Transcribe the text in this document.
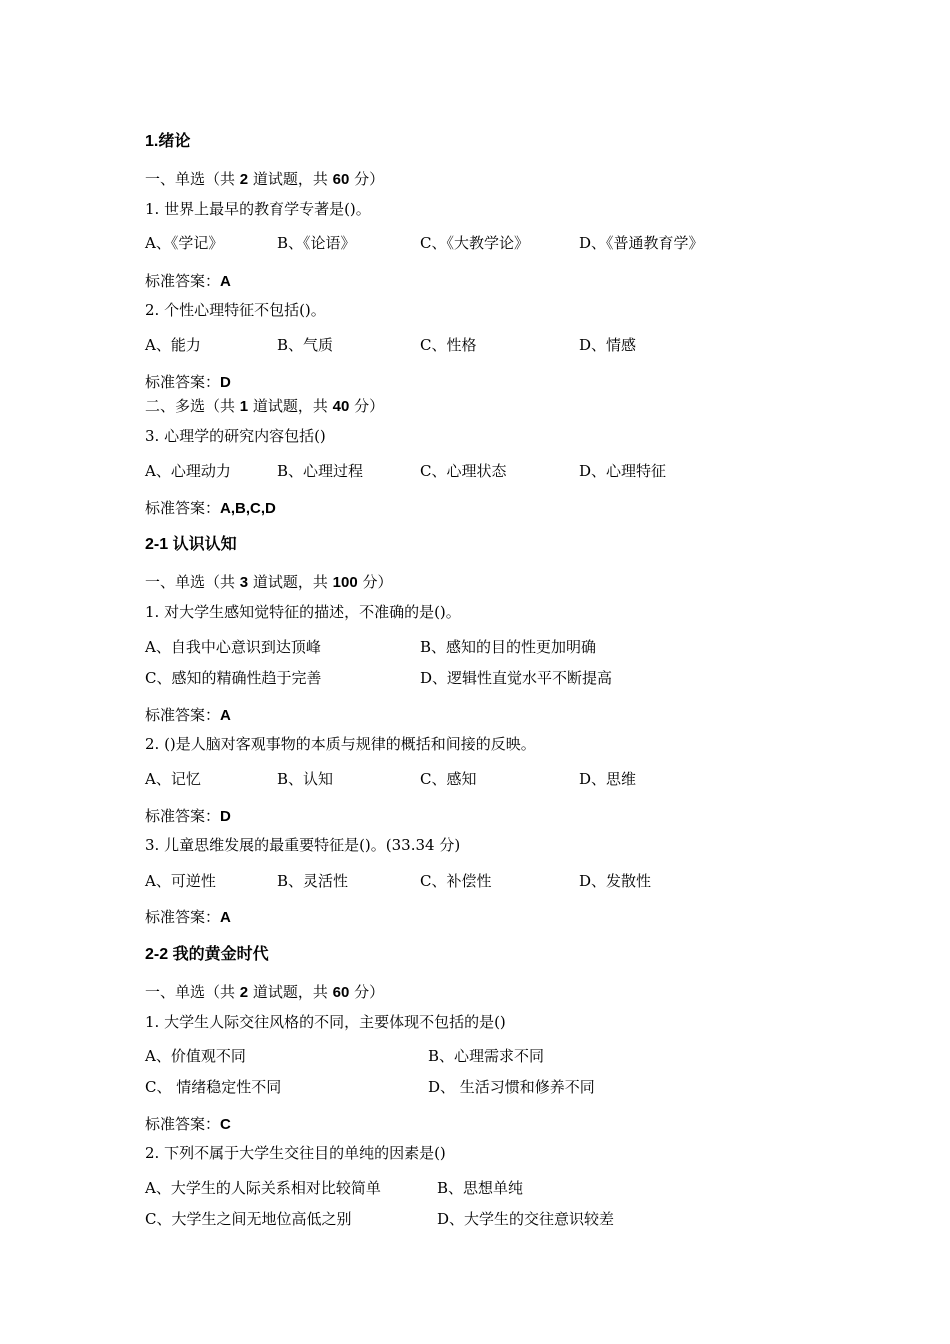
1.绪论
一、单选（共 2 道试题，共 60 分）
1. 世界上最早的教育学专著是()。
A、《学记》	B、《论语》	C、《大教学论》	D、《普通教育学》
标准答案：A
2. 个性心理特征不包括()。
A、能力	B、气质	C、性格	D、情感
标准答案：D
二、多选（共 1 道试题，共 40 分）
3. 心理学的研究内容包括()
A、心理动力	B、心理过程	C、心理状态	D、心理特征
标准答案：A,B,C,D
2-1 认识认知
一、单选（共 3 道试题，共 100 分）
1. 对大学生感知觉特征的描述，不准确的是()。
A、自我中心意识到达顶峰	B、感知的目的性更加明确
C、感知的精确性趋于完善	D、逻辑性直觉水平不断提高
标准答案：A
2. ()是人脑对客观事物的本质与规律的概括和间接的反映。
A、记忆	B、认知	C、感知	D、思维
标准答案：D
3. 儿童思维发展的最重要特征是()。(33.34 分)
A、可逆性	B、灵活性	C、补偿性	D、发散性
标准答案：A
2-2 我的黄金时代
一、单选（共 2 道试题，共 60 分）
1. 大学生人际交往风格的不同，主要体现不包括的是()
A、价值观不同	B、心理需求不同
C、 情绪稳定性不同	D、 生活习惯和修养不同
标准答案：C
2. 下列不属于大学生交往目的单纯的因素是()
A、大学生的人际关系相对比较简单	B、思想单纯
C、大学生之间无地位高低之别	D、大学生的交往意识较差
